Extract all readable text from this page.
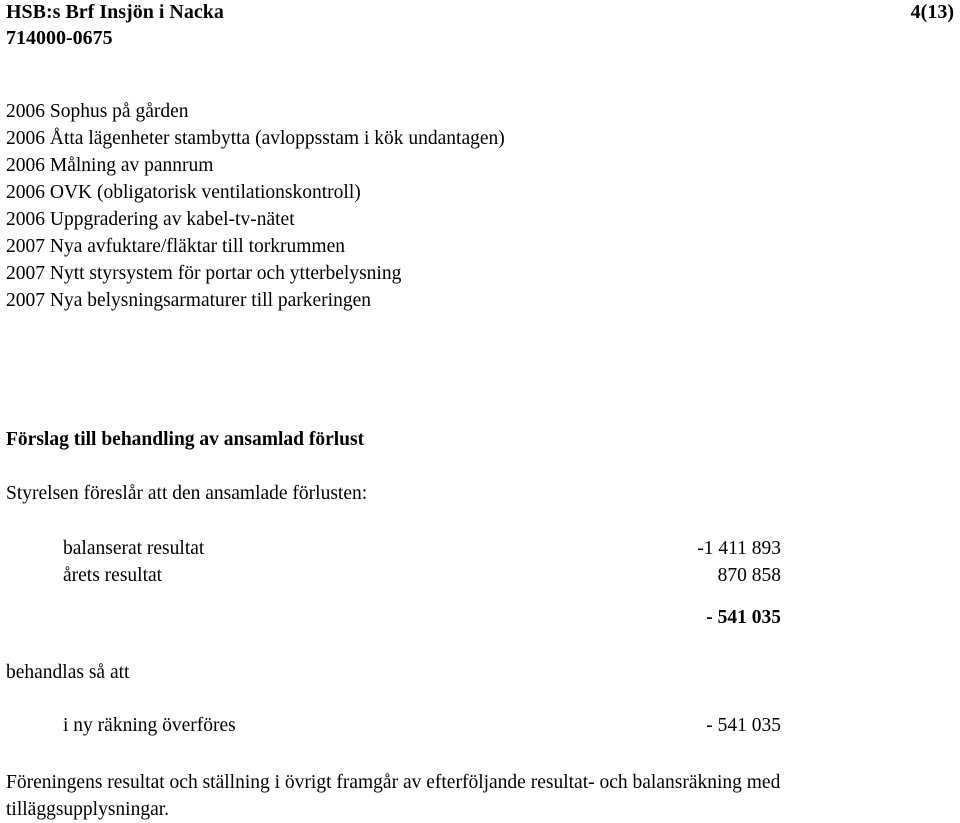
HSB:s Brf Insjön i Nacka
714000-0675
4(13)
2006 Sophus på gården
2006 Åtta lägenheter stambytta (avloppsstam i kök undantagen)
2006 Målning av pannrum
2006 OVK (obligatorisk ventilationskontroll)
2006 Uppgradering av kabel-tv-nätet
2007 Nya avfuktare/fläktar till torkrummen
2007 Nytt styrsystem för portar och ytterbelysning
2007 Nya belysningsarmaturer till parkeringen
Förslag till behandling av ansamlad förlust
Styrelsen föreslår att den ansamlade förlusten:
balanserat resultat	-1 411 893
årets resultat	870 858
- 541 035
behandlas så att
i ny räkning överföres	- 541 035
Föreningens resultat och ställning i övrigt framgår av efterföljande resultat- och balansräkning med tilläggsupplysningar.
